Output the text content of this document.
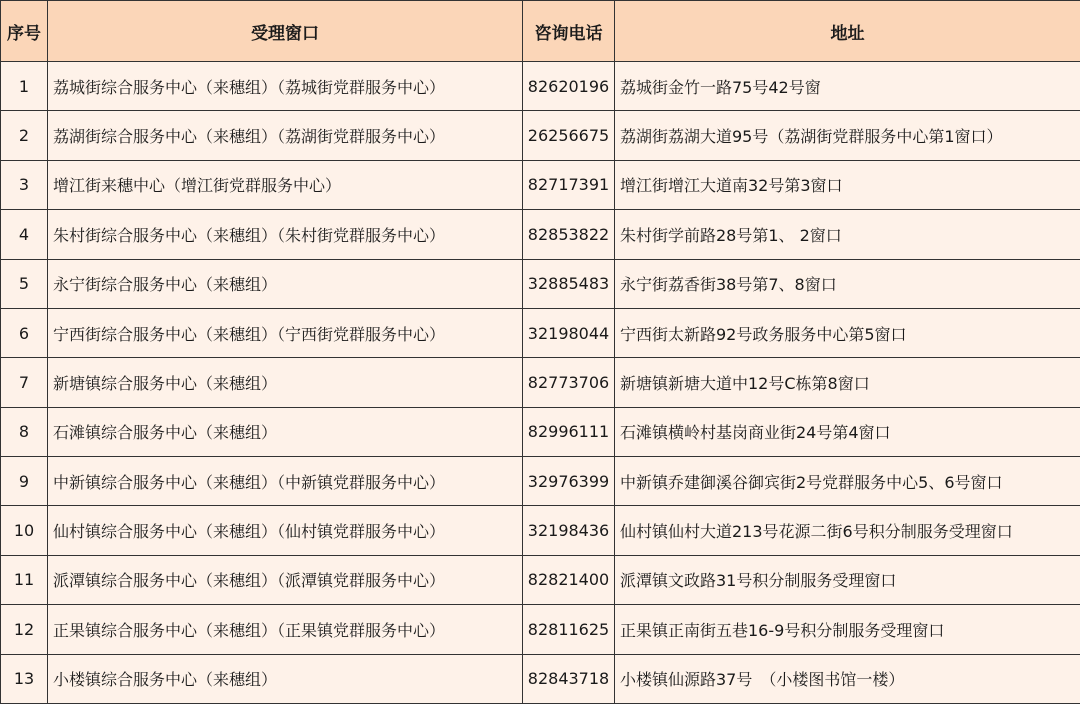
序号	受理窗口	咨询电话	地址
1	荔城街综合服务中心（来穗组）（荔城街党群服务中心）	82620196	荔城街金竹一路75号42号窗
2	荔湖街综合服务中心（来穗组）（荔湖街党群服务中心）	26256675	荔湖街荔湖大道95号（荔湖街党群服务中心第1窗口）
3	增江街来穗中心（增江街党群服务中心）	82717391	增江街增江大道南32号第3窗口
4	朱村街综合服务中心（来穗组）（朱村街党群服务中心）	82853822	朱村街学前路28号第1、 2窗口
5	永宁街综合服务中心（来穗组）	32885483	永宁街荔香街38号第7、8窗口
6	宁西街综合服务中心（来穗组）（宁西街党群服务中心）	32198044	宁西街太新路92号政务服务中心第5窗口
7	新塘镇综合服务中心（来穗组）	82773706	新塘镇新塘大道中12号C栋第8窗口
8	石滩镇综合服务中心（来穗组）	82996111	石滩镇横岭村基岗商业街24号第4窗口
9	中新镇综合服务中心（来穗组）（中新镇党群服务中心）	32976399	中新镇乔建御溪谷御宾街2号党群服务中心5、6号窗口
10	仙村镇综合服务中心（来穗组）（仙村镇党群服务中心）	32198436	仙村镇仙村大道213号花源二街6号积分制服务受理窗口
11	派潭镇综合服务中心（来穗组）（派潭镇党群服务中心）	82821400	派潭镇文政路31号积分制服务受理窗口
12	正果镇综合服务中心（来穗组）（正果镇党群服务中心）	82811625	正果镇正南街五巷16-9号积分制服务受理窗口
13	小楼镇综合服务中心（来穗组）	82843718	小楼镇仙源路37号　（小楼图书馆一楼）
